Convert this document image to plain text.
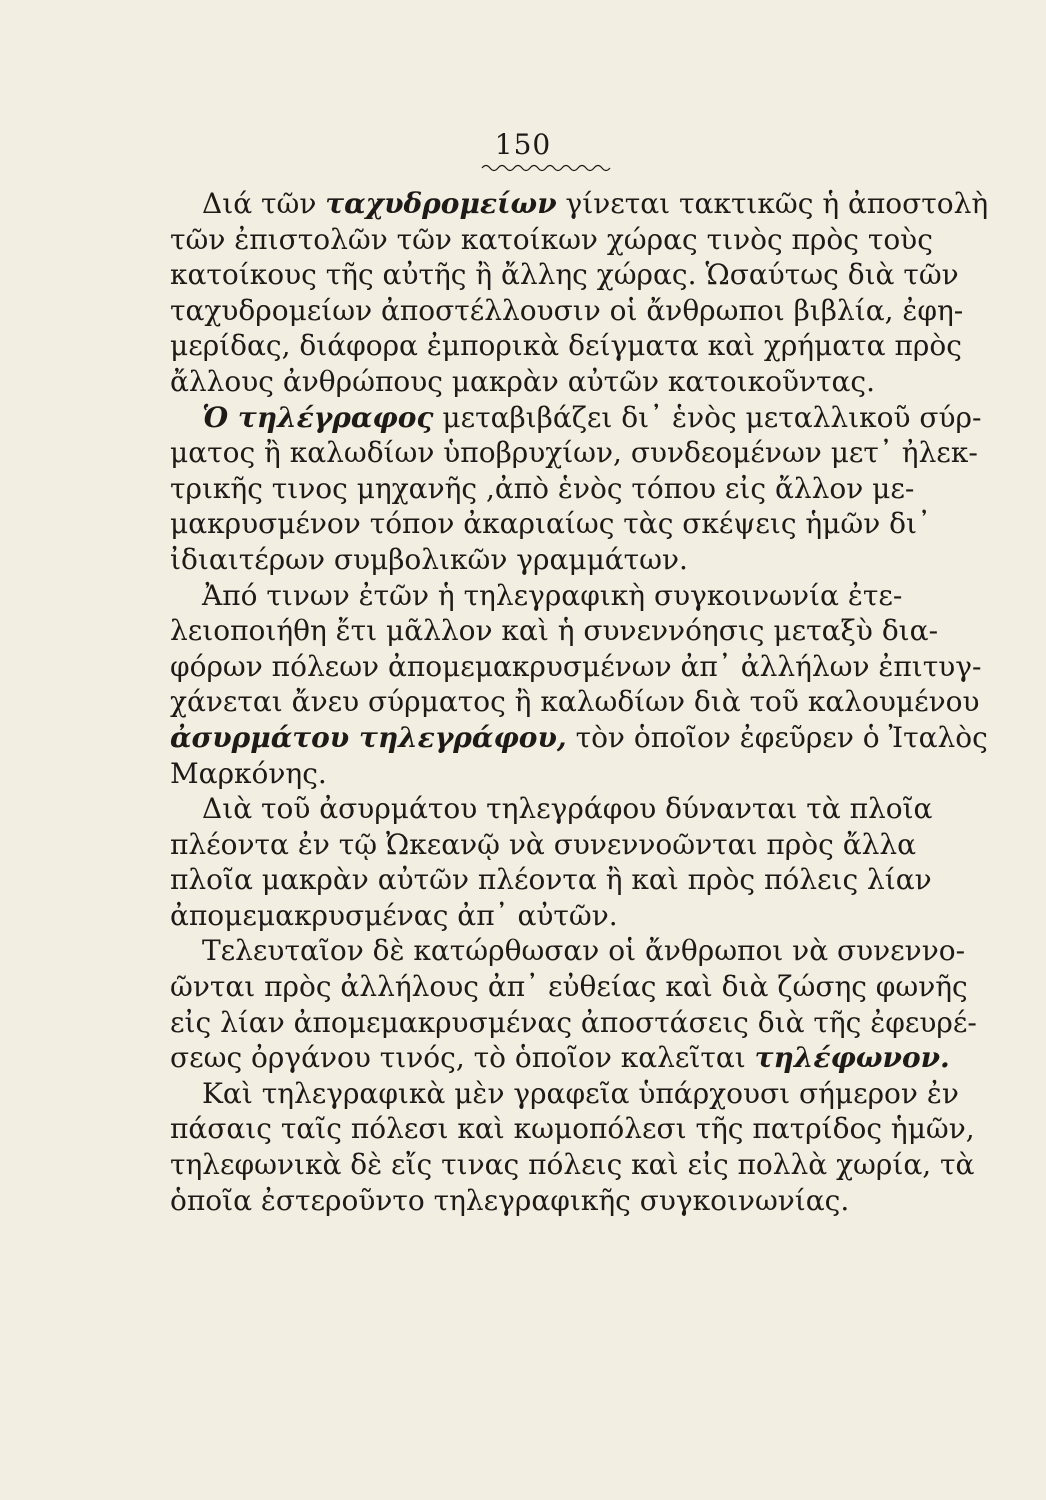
150
Διά τῶν ταχυδρομείων γίνεται τακτικῶς ἡ ἀποστολὴ
τῶν ἐπιστολῶν τῶν κατοίκων χώρας τινὸς πρὸς τοὺς
κατοίκους τῆς αὐτῆς ἢ ἄλλης χώρας. Ὡσαύτως διὰ τῶν
ταχυδρομείων ἀποστέλλουσιν οἱ ἄνθρωποι βιβλία, ἐφη-
μερίδας, διάφορα ἐμπορικὰ δείγματα καὶ χρήματα πρὸς
ἄλλους ἀνθρώπους μακρὰν αὐτῶν κατοικοῦντας.
Ὁ τηλέγραφος μεταβιβάζει δι᾽ ἑνὸς μεταλλικοῦ σύρ-
ματος ἢ καλωδίων ὑποβρυχίων, συνδεομένων μετ᾽ ἠλεκ-
τρικῆς τινος μηχανῆς ,ἀπὸ ἑνὸς τόπου εἰς ἄλλον με-
μακρυσμένον τόπον ἀκαριαίως τὰς σκέψεις ἡμῶν δι᾽
ἰδιαιτέρων συμβολικῶν γραμμάτων.
Ἀπό τινων ἐτῶν ἡ τηλεγραφικὴ συγκοινωνία ἐτε-
λειοποιήθη ἔτι μᾶλλον καὶ ἡ συνεννόησις μεταξὺ δια-
φόρων πόλεων ἀπομεμακρυσμένων ἀπ᾽ ἀλλήλων ἐπιτυγ-
χάνεται ἄνευ σύρματος ἢ καλωδίων διὰ τοῦ καλουμένου
ἀσυρμάτου τηλεγράφου, τὸν ὁποῖον ἐφεῦρεν ὁ Ἰταλὸς
Μαρκόνης.
Διὰ τοῦ ἀσυρμάτου τηλεγράφου δύνανται τὰ πλοῖα
πλέοντα ἐν τῷ Ὠκεανῷ νὰ συνεννοῶνται πρὸς ἄλλα
πλοῖα μακρὰν αὐτῶν πλέοντα ἢ καὶ πρὸς πόλεις λίαν
ἀπομεμακρυσμένας ἀπ᾽ αὐτῶν.
Τελευταῖον δὲ κατώρθωσαν οἱ ἄνθρωποι νὰ συνεννο-
ῶνται πρὸς ἀλλήλους ἀπ᾽ εὐθείας καὶ διὰ ζώσης φωνῆς
εἰς λίαν ἀπομεμακρυσμένας ἀποστάσεις διὰ τῆς ἐφευρέ-
σεως ὀργάνου τινός, τὸ ὁποῖον καλεῖται τηλέφωνον.
Καὶ τηλεγραφικὰ μὲν γραφεῖα ὑπάρχουσι σήμερον ἐν
πάσαις ταῖς πόλεσι καὶ κωμοπόλεσι τῆς πατρίδος ἡμῶν,
τηλεφωνικὰ δὲ εἴς τινας πόλεις καὶ εἰς πολλὰ χωρία, τὰ
ὁποῖα ἐστεροῦντο τηλεγραφικῆς συγκοινωνίας.
